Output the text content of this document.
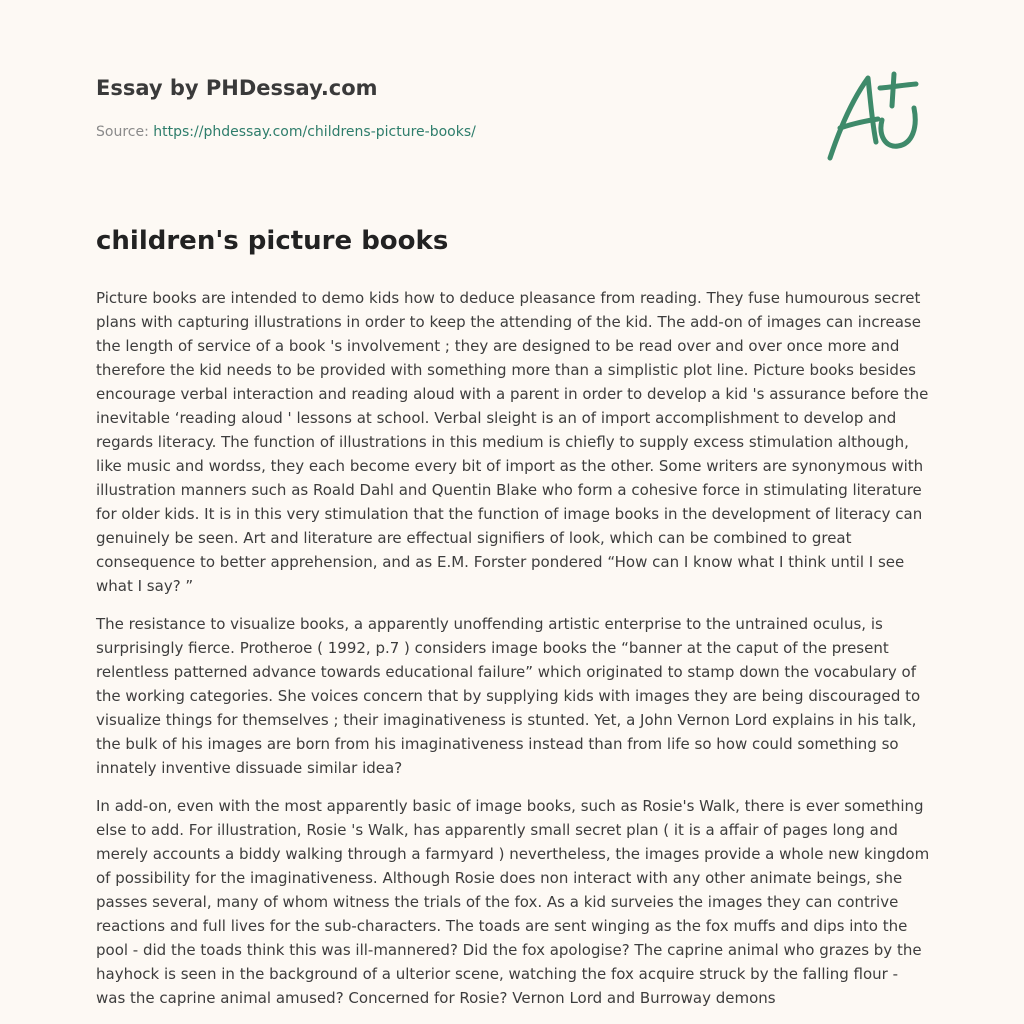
Essay by PHDessay.com
Source: https://phdessay.com/childrens-picture-books/
children's picture books

Picture books are intended to demo kids how to deduce pleasance from reading. They fuse humourous secret plans with capturing illustrations in order to keep the attending of the kid. The add-on of images can increase the length of service of a book 's involvement ; they are designed to be read over and over once more and therefore the kid needs to be provided with something more than a simplistic plot line. Picture books besides encourage verbal interaction and reading aloud with a parent in order to develop a kid 's assurance before the inevitable ‘reading aloud ' lessons at school. Verbal sleight is an of import accomplishment to develop and regards literacy. The function of illustrations in this medium is chiefly to supply excess stimulation although, like music and wordss, they each become every bit of import as the other. Some writers are synonymous with illustration manners such as Roald Dahl and Quentin Blake who form a cohesive force in stimulating literature for older kids. It is in this very stimulation that the function of image books in the development of literacy can genuinely be seen. Art and literature are effectual signifiers of look, which can be combined to great consequence to better apprehension, and as E.M. Forster pondered “How can I know what I think until I see what I say? ”

The resistance to visualize books, a apparently unoffending artistic enterprise to the untrained oculus, is surprisingly fierce. Protheroe ( 1992, p.7 ) considers image books the “banner at the caput of the present relentless patterned advance towards educational failure” which originated to stamp down the vocabulary of the working categories. She voices concern that by supplying kids with images they are being discouraged to visualize things for themselves ; their imaginativeness is stunted. Yet, a John Vernon Lord explains in his talk, the bulk of his images are born from his imaginativeness instead than from life so how could something so innately inventive dissuade similar idea?

In add-on, even with the most apparently basic of image books, such as Rosie's Walk, there is ever something else to add. For illustration, Rosie 's Walk, has apparently small secret plan ( it is a affair of pages long and merely accounts a biddy walking through a farmyard ) nevertheless, the images provide a whole new kingdom of possibility for the imaginativeness. Although Rosie does non interact with any other animate beings, she passes several, many of whom witness the trials of the fox. As a kid surveies the images they can contrive reactions and full lives for the sub-characters. The toads are sent winging as the fox muffs and dips into the pool - did the toads think this was ill-mannered? Did the fox apologise? The caprine animal who grazes by the hayhock is seen in the background of a ulterior scene, watching the fox acquire struck by the falling flour - was the caprine animal amused? Concerned for Rosie? Vernon Lord and Burroway demons
